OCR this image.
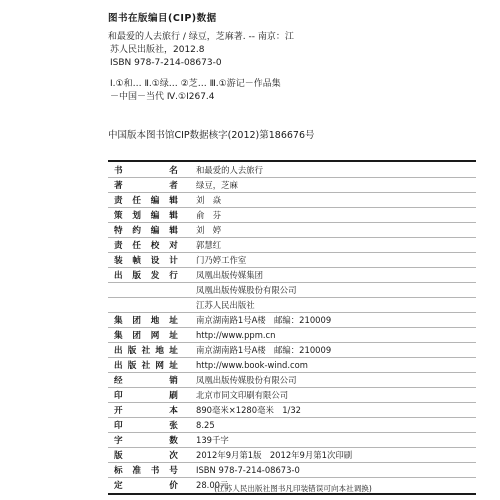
图书在版编目(CIP)数据
和最爱的人去旅行 / 绿豆，芝麻著. -- 南京：江
苏人民出版社，2012.8
ISBN 978-7-214-08673-0
Ⅰ.①和… Ⅱ.①绿… ②芝… Ⅲ.①游记－作品集
－中国－当代 Ⅳ.①I267.4
中国版本图书馆CIP数据核字(2012)第186676号
书　　名	和最爱的人去旅行
著　　者	绿豆，芝麻
责任编辑	刘　焱
策划编辑	俞　芬
特约编辑	刘　婷
责任校对	郭慧红
装帧设计	门乃婷工作室
出版发行	凤凰出版传媒集团
凤凰出版传媒股份有限公司
江苏人民出版社
集团地址	南京湖南路1号A楼　邮编：210009
集团网址	http://www.ppm.cn
出版社地址	南京湖南路1号A楼　邮编：210009
出版社网址	http://www.book-wind.com
经　　销	凤凰出版传媒股份有限公司
印　　刷	北京市同文印刷有限公司
开　　本	890毫米×1280毫米　1/32
印　　张	8.25
字　　数	139千字
版　　次	2012年9月第1版　2012年9月第1次印刷
标准书号	ISBN 978-7-214-08673-0
定　　价	28.00元
(江苏人民出版社图书凡印装错误可向本社调换)
